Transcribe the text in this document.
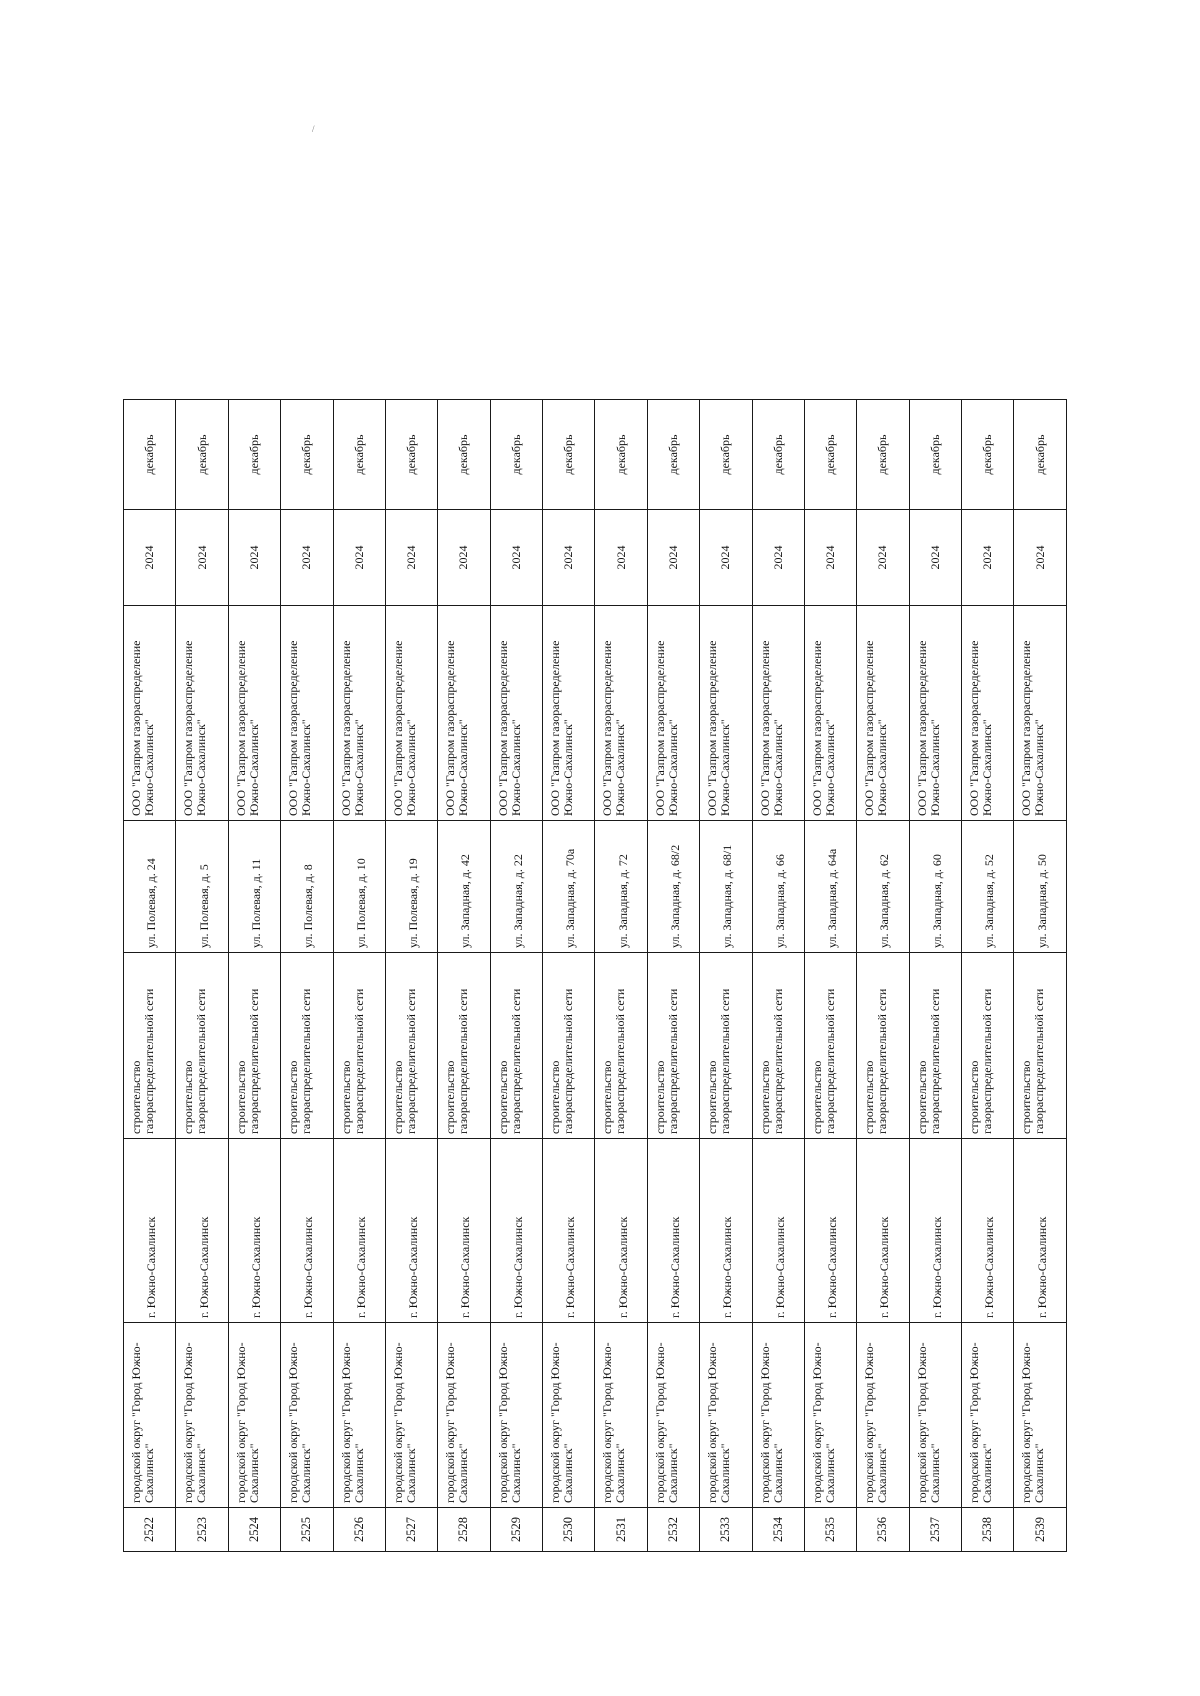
/
2522	городской округ "Город Южно-Сахалинск"	г. Южно-Сахалинск	строительство газораспределительной сети	ул. Полевая, д. 24	ООО "Газпром газораспределение Южно-Сахалинск"	2024	декабрь
2523	городской округ "Город Южно-Сахалинск"	г. Южно-Сахалинск	строительство газораспределительной сети	ул. Полевая, д. 5	ООО "Газпром газораспределение Южно-Сахалинск"	2024	декабрь
2524	городской округ "Город Южно-Сахалинск"	г. Южно-Сахалинск	строительство газораспределительной сети	ул. Полевая, д. 11	ООО "Газпром газораспределение Южно-Сахалинск"	2024	декабрь
2525	городской округ "Город Южно-Сахалинск"	г. Южно-Сахалинск	строительство газораспределительной сети	ул. Полевая, д. 8	ООО "Газпром газораспределение Южно-Сахалинск"	2024	декабрь
2526	городской округ "Город Южно-Сахалинск"	г. Южно-Сахалинск	строительство газораспределительной сети	ул. Полевая, д. 10	ООО "Газпром газораспределение Южно-Сахалинск"	2024	декабрь
2527	городской округ "Город Южно-Сахалинск"	г. Южно-Сахалинск	строительство газораспределительной сети	ул. Полевая, д. 19	ООО "Газпром газораспределение Южно-Сахалинск"	2024	декабрь
2528	городской округ "Город Южно-Сахалинск"	г. Южно-Сахалинск	строительство газораспределительной сети	ул. Западная, д. 42	ООО "Газпром газораспределение Южно-Сахалинск"	2024	декабрь
2529	городской округ "Город Южно-Сахалинск"	г. Южно-Сахалинск	строительство газораспределительной сети	ул. Западная, д. 22	ООО "Газпром газораспределение Южно-Сахалинск"	2024	декабрь
2530	городской округ "Город Южно-Сахалинск"	г. Южно-Сахалинск	строительство газораспределительной сети	ул. Западная, д. 70а	ООО "Газпром газораспределение Южно-Сахалинск"	2024	декабрь
2531	городской округ "Город Южно-Сахалинск"	г. Южно-Сахалинск	строительство газораспределительной сети	ул. Западная, д. 72	ООО "Газпром газораспределение Южно-Сахалинск"	2024	декабрь
2532	городской округ "Город Южно-Сахалинск"	г. Южно-Сахалинск	строительство газораспределительной сети	ул. Западная, д. 68/2	ООО "Газпром газораспределение Южно-Сахалинск"	2024	декабрь
2533	городской округ "Город Южно-Сахалинск"	г. Южно-Сахалинск	строительство газораспределительной сети	ул. Западная, д. 68/1	ООО "Газпром газораспределение Южно-Сахалинск"	2024	декабрь
2534	городской округ "Город Южно-Сахалинск"	г. Южно-Сахалинск	строительство газораспределительной сети	ул. Западная, д. 66	ООО "Газпром газораспределение Южно-Сахалинск"	2024	декабрь
2535	городской округ "Город Южно-Сахалинск"	г. Южно-Сахалинск	строительство газораспределительной сети	ул. Западная, д. 64а	ООО "Газпром газораспределение Южно-Сахалинск"	2024	декабрь
2536	городской округ "Город Южно-Сахалинск"	г. Южно-Сахалинск	строительство газораспределительной сети	ул. Западная, д. 62	ООО "Газпром газораспределение Южно-Сахалинск"	2024	декабрь
2537	городской округ "Город Южно-Сахалинск"	г. Южно-Сахалинск	строительство газораспределительной сети	ул. Западная, д. 60	ООО "Газпром газораспределение Южно-Сахалинск"	2024	декабрь
2538	городской округ "Город Южно-Сахалинск"	г. Южно-Сахалинск	строительство газораспределительной сети	ул. Западная, д. 52	ООО "Газпром газораспределение Южно-Сахалинск"	2024	декабрь
2539	городской округ "Город Южно-Сахалинск"	г. Южно-Сахалинск	строительство газораспределительной сети	ул. Западная, д. 50	ООО "Газпром газораспределение Южно-Сахалинск"	2024	декабрь
